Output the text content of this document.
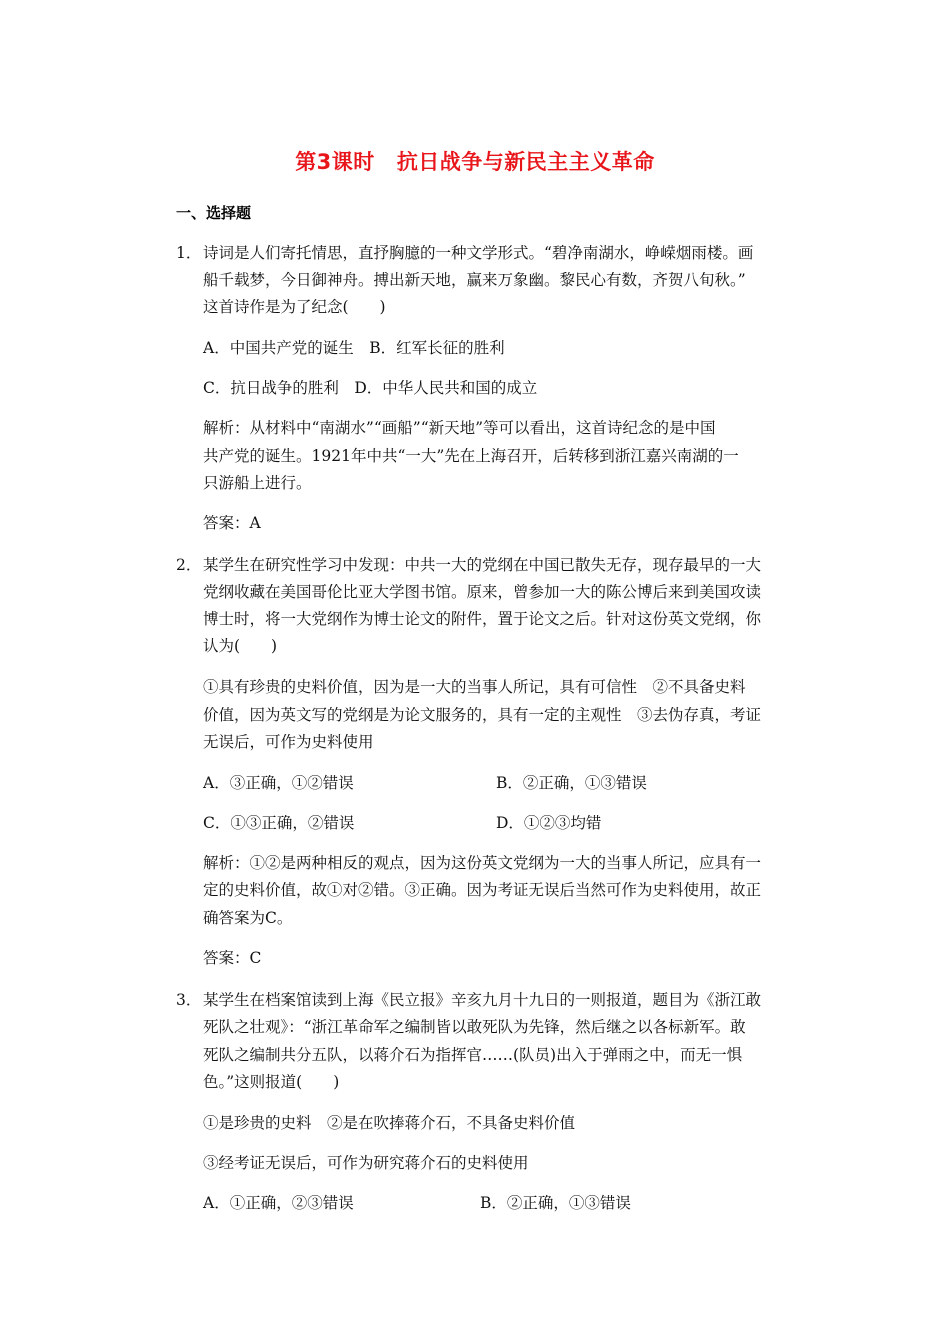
第3课时 抗日战争与新民主主义革命
一、选择题
1． 诗词是人们寄托情思，直抒胸臆的一种文学形式。“碧净南湖水，峥嵘烟雨楼。画
船千载梦，今日御神舟。搏出新天地，赢来万象幽。黎民心有数，齐贺八旬秋。”
这首诗作是为了纪念(　　)
A．中国共产党的诞生　B．红军长征的胜利
C．抗日战争的胜利　D．中华人民共和国的成立
解析：从材料中“南湖水”“画船”“新天地”等可以看出，这首诗纪念的是中国
共产党的诞生。1921年中共“一大”先在上海召开，后转移到浙江嘉兴南湖的一
只游船上进行。
答案：A
2． 某学生在研究性学习中发现：中共一大的党纲在中国已散失无存，现存最早的一大
党纲收藏在美国哥伦比亚大学图书馆。原来，曾参加一大的陈公博后来到美国攻读
博士时，将一大党纲作为博士论文的附件，置于论文之后。针对这份英文党纲，你
认为(　　)
①具有珍贵的史料价值，因为是一大的当事人所记，具有可信性　②不具备史料
价值，因为英文写的党纲是为论文服务的，具有一定的主观性　③去伪存真，考证
无误后，可作为史料使用
A．③正确，①②错误	B．②正确，①③错误
C．①③正确，②错误	D．①②③均错
解析：①②是两种相反的观点，因为这份英文党纲为一大的当事人所记，应具有一
定的史料价值，故①对②错。③正确。因为考证无误后当然可作为史料使用，故正
确答案为C。
答案：C
3． 某学生在档案馆读到上海《民立报》辛亥九月十九日的一则报道，题目为《浙江敢
死队之壮观》：“浙江革命军之编制皆以敢死队为先锋，然后继之以各标新军。敢
死队之编制共分五队，以蒋介石为指挥官……(队员)出入于弹雨之中，而无一惧
色。”这则报道(　　)
①是珍贵的史料　②是在吹捧蒋介石，不具备史料价值
③经考证无误后，可作为研究蒋介石的史料使用
A．①正确，②③错误	B．②正确，①③错误
